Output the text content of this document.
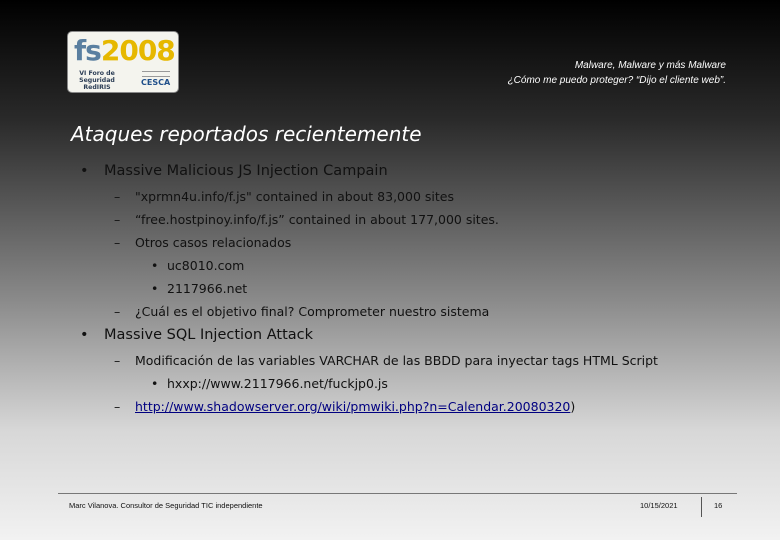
fs2008
VI Foro de
Seguridad RedIRIS
CESCA
Malware, Malware y más Malware
¿Cómo me puedo proteger? “Dijo el cliente web”.
Ataques reportados recientemente
• Massive Malicious JS Injection Campain
– "xprmn4u.info/f.js" contained in about 83,000 sites
– “free.hostpinoy.info/f.js” contained in about 177,000 sites.
– Otros casos relacionados
• uc8010.com
• 2117966.net
– ¿Cuál es el objetivo final? Comprometer nuestro sistema
• Massive SQL Injection Attack
– Modificación de las variables VARCHAR de las BBDD para inyectar tags HTML Script
• hxxp://www.2117966.net/fuckjp0.js
– http://www.shadowserver.org/wiki/pmwiki.php?n=Calendar.20080320)
Marc Vilanova. Consultor de Seguridad TIC independiente	10/15/2021	16
